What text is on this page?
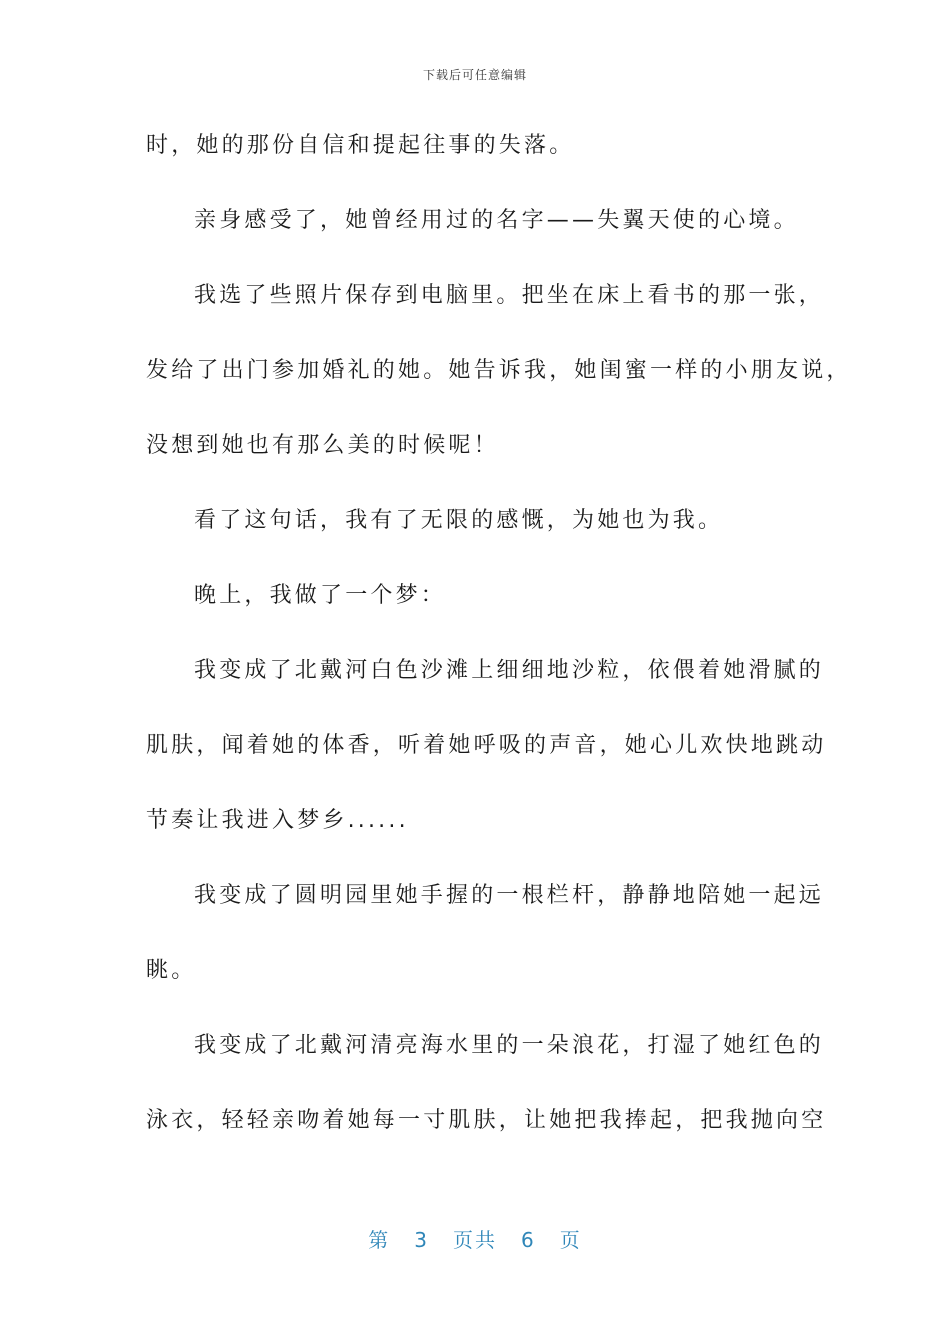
下载后可任意编辑
时，她的那份自信和提起往事的失落。
亲身感受了，她曾经用过的名字——失翼天使的心境。
我选了些照片保存到电脑里。把坐在床上看书的那一张，
发给了出门参加婚礼的她。她告诉我，她闺蜜一样的小朋友说，
没想到她也有那么美的时候呢！
看了这句话，我有了无限的感慨，为她也为我。
晚上，我做了一个梦：
我变成了北戴河白色沙滩上细细地沙粒，依偎着她滑腻的
肌肤，闻着她的体香，听着她呼吸的声音，她心儿欢快地跳动
节奏让我进入梦乡......
我变成了圆明园里她手握的一根栏杆，静静地陪她一起远
眺。
我变成了北戴河清亮海水里的一朵浪花，打湿了她红色的
泳衣，轻轻亲吻着她每一寸肌肤，让她把我捧起，把我抛向空
第 3 页共 6 页
